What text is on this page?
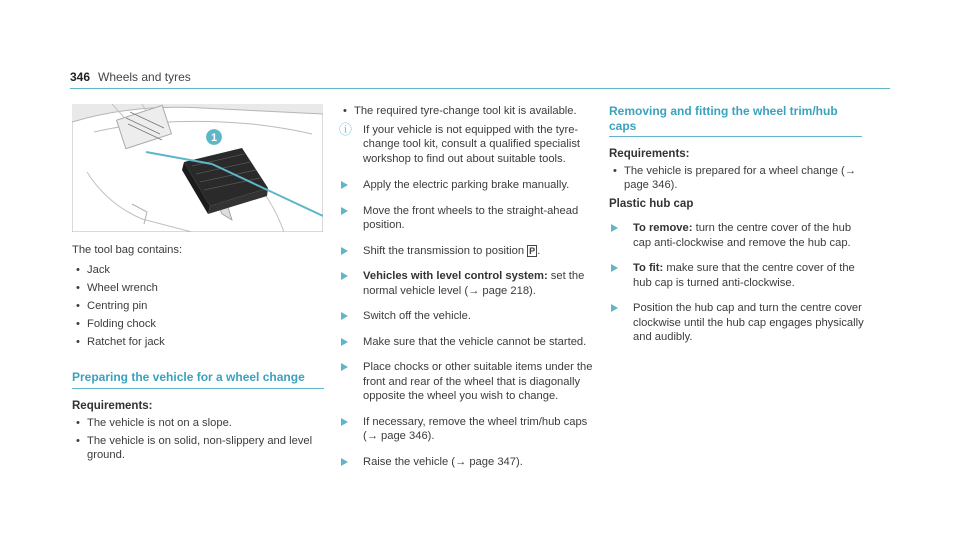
346 Wheels and tyres
1

The tool bag contains:

• Jack
• Wheel wrench
• Centring pin
• Folding chock
• Ratchet for jack
Preparing the vehicle for a wheel change

Requirements:

• The vehicle is not on a slope.
• The vehicle is on solid, non-slippery and level ground.
• The required tyre-change tool kit is available.
ⓘ If your vehicle is not equipped with the tyre-change tool kit, consult a qualified specialist workshop to find out about suitable tools.

Apply the electric parking brake manually.

Move the front wheels to the straight-ahead position.

Shift the transmission to position P .

Vehicles with level control system: set the normal vehicle level (→ page 218).

Switch off the vehicle.

Make sure that the vehicle cannot be started.

Place chocks or other suitable items under the front and rear of the wheel that is diagonally opposite the wheel you wish to change.

If necessary, remove the wheel trim/hub caps (→ page 346).

Raise the vehicle (→ page 347).

Removing and fitting the wheel trim/hub caps

Requirements:

• The vehicle is prepared for a wheel change (→ page 346).

Plastic hub cap

To remove: turn the centre cover of the hub cap anti-clockwise and remove the hub cap.

To fit: make sure that the centre cover of the hub cap is turned anti-clockwise.

Position the hub cap and turn the centre cover clockwise until the hub cap engages physically and audibly.
